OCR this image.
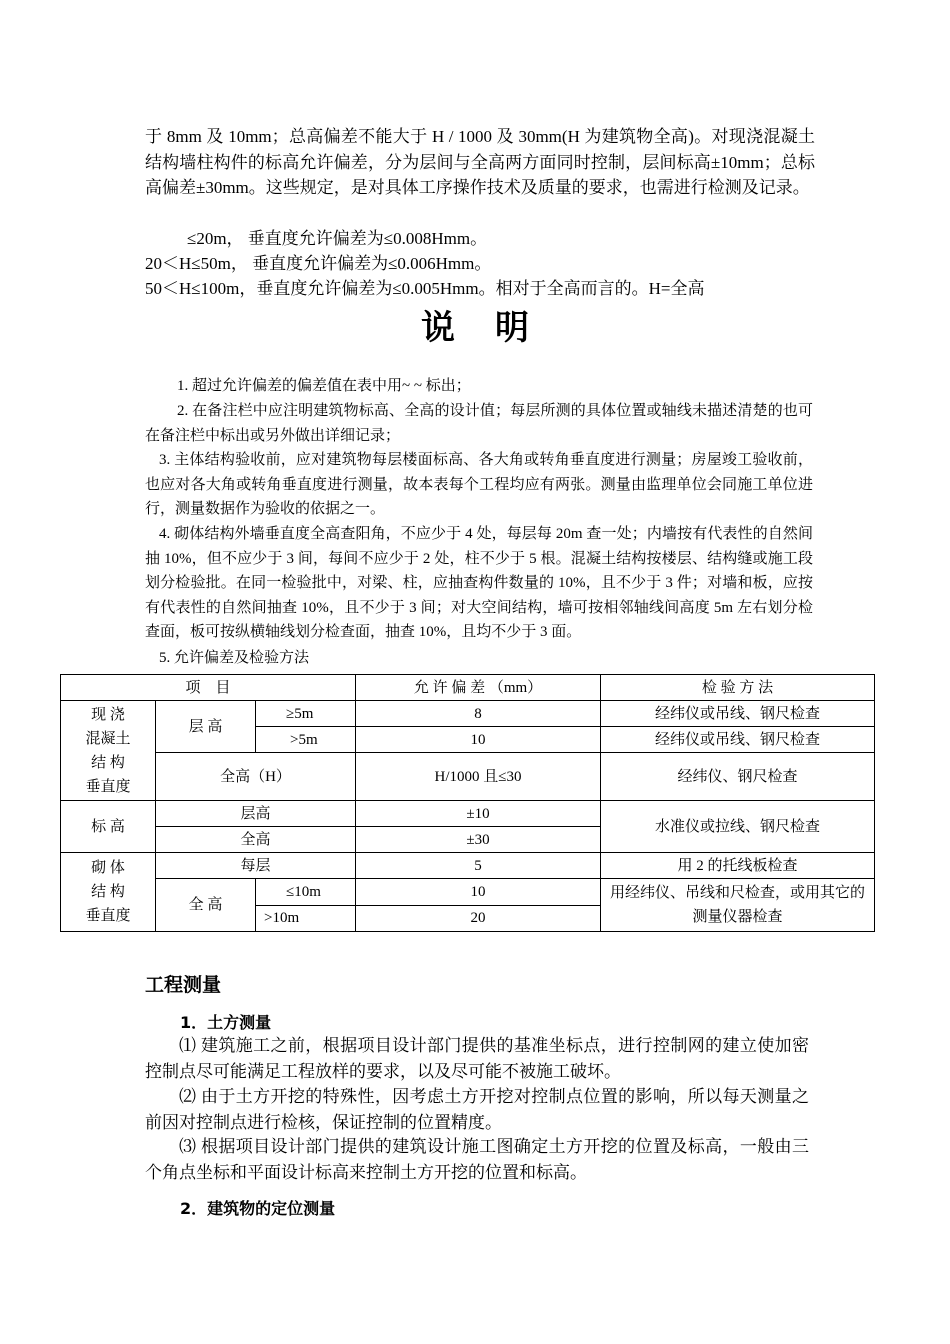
于 8mm 及 10mm；总高偏差不能大于 H / 1000 及 30mm(H 为建筑物全高)。对现浇混凝土结构墙柱构件的标高允许偏差，分为层间与全高两方面同时控制，层间标高±10mm；总标高偏差±30mm。这些规定，是对具体工序操作技术及质量的要求，也需进行检测及记录。

≤20m， 垂直度允许偏差为≤0.008Hmm。

20＜H≤50m， 垂直度允许偏差为≤0.006Hmm。

50＜H≤100m，垂直度允许偏差为≤0.005Hmm。相对于全高而言的。H=全高

说明

1. 超过允许偏差的偏差值在表中用~ ~ 标出；

2. 在备注栏中应注明建筑物标高、全高的设计值；每层所测的具体位置或轴线未描述清楚的也可在备注栏中标出或另外做出详细记录；

3. 主体结构验收前，应对建筑物每层楼面标高、各大角或转角垂直度进行测量；房屋竣工验收前，也应对各大角或转角垂直度进行测量，故本表每个工程均应有两张。测量由监理单位会同施工单位进行，测量数据作为验收的依据之一。

4. 砌体结构外墙垂直度全高查阳角，不应少于 4 处，每层每 20m 查一处；内墙按有代表性的自然间抽 10%，但不应少于 3 间，每间不应少于 2 处，柱不少于 5 根。混凝土结构按楼层、结构缝或施工段划分检验批。在同一检验批中，对梁、柱，应抽查构件数量的 10%，且不少于 3 件；对墙和板，应按有代表性的自然间抽查 10%，且不少于 3 间；对大空间结构，墙可按相邻轴线间高度 5m 左右划分检查面，板可按纵横轴线划分检查面，抽查 10%，且均不少于 3 面。

5. 允许偏差及检验方法

项　目			允 许 偏 差 （mm）	检 验 方 法
现 浇
混凝土
结 构
垂直度	层 高	≥5m	8	经纬仪或吊线、钢尺检查
		>5m	10	经纬仪或吊线、钢尺检查
	全高（H）		H/1000 且≤30	经纬仪、钢尺检查
标 高	层高		±10	水准仪或拉线、钢尺检查
	全高		±30	
砌 体
结 构
垂直度	每层		5	用 2 的托线板检查
	全 高	≤10m	10	用经纬仪、吊线和尺检查，或用其它的测量仪器检查
		>10m	20	
工程测量
1．土方测量

⑴ 建筑施工之前，根据项目设计部门提供的基准坐标点，进行控制网的建立使加密控制点尽可能满足工程放样的要求，以及尽可能不被施工破坏。

⑵ 由于土方开挖的特殊性，因考虑土方开挖对控制点位置的影响，所以每天测量之前因对控制点进行检核，保证控制的位置精度。

⑶ 根据项目设计部门提供的建筑设计施工图确定土方开挖的位置及标高，一般由三个角点坐标和平面设计标高来控制土方开挖的位置和标高。

2．建筑物的定位测量
